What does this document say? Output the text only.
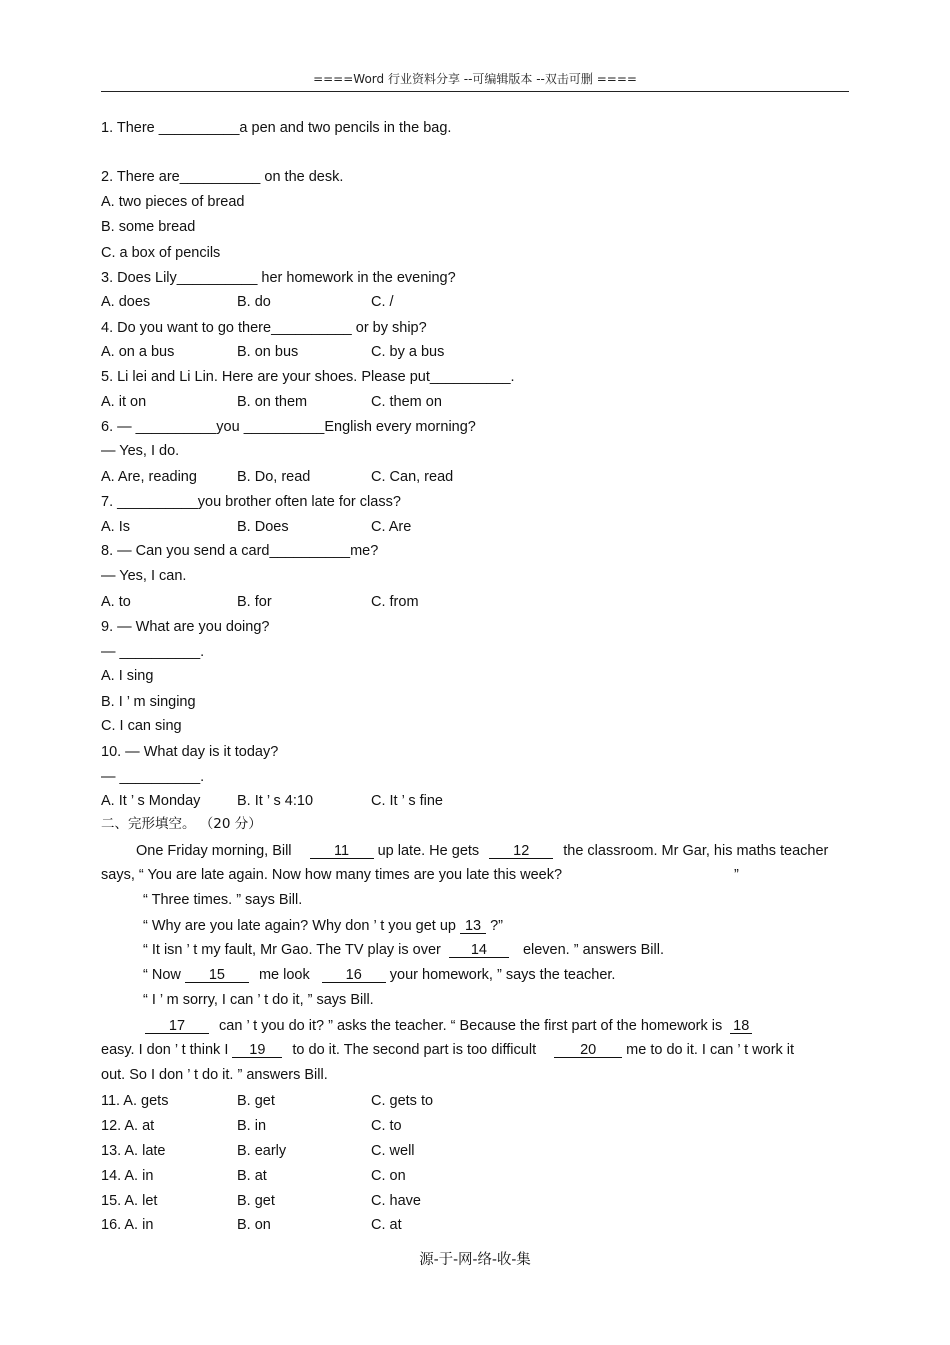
====Word 行业资料分享 --可编辑版本 --双击可删 ====
1. There __________a pen and two pencils in the bag.
2. There are__________ on the desk.
A. two pieces of bread
B. some bread
C. a box of pencils
3. Does Lily__________ her homework in the evening?
A. does	B. do	C. /
4. Do you want to go there__________ or by ship?
A. on a bus	B. on bus	C. by a bus
5. Li lei and Li Lin. Here are your shoes. Please put__________.
A. it on	B. on them	C. them on
6. — __________you __________English every morning?
— Yes, I do.
A. Are, reading	B. Do, read	C. Can, read
7. __________you brother often late for class?
A. Is	B. Does	C. Are
8. — Can you send a card__________me?
— Yes, I can.
A. to	B. for	C. from
9. — What are you doing?
— __________.
A. I sing
B. I ’ m singing
C. I can sing
10. — What day is it today?
— __________.
A. It ’ s Monday	B. It ’ s 4:10	C. It ’ s fine
二、完形填空。 （20 分）
One Friday morning, Bill	11 up late. He gets 12 the classroom. Mr Gar, his maths teacher
says, “ You are late again. Now how many times are you late this week?	”
“ Three times. ” says Bill.
“ Why are you late again? Why don ’ t you get up 13 ?”
“ It isn ’ t my fault, Mr Gao. The TV play is over 14 eleven. ” answers Bill.
“ Now 15 me look 16 your homework, ” says the teacher.
“ I ’ m sorry, I can ’ t do it, ” says Bill.
17 can ’ t you do it? ” asks the teacher. “ Because the first part of the homework is 18
easy. I don ’ t think I 19 to do it. The second part is too difficult	20 me to do it. I can ’ t work it
out. So I don ’ t do it. ” answers Bill.
11. A. gets	B. get	C. gets to
12. A. at	B. in	C. to
13. A. late	B. early	C. well
14. A. in	B. at	C. on
15. A. let	B. get	C. have
16. A. in	B. on	C. at
源-于-网-络-收-集
